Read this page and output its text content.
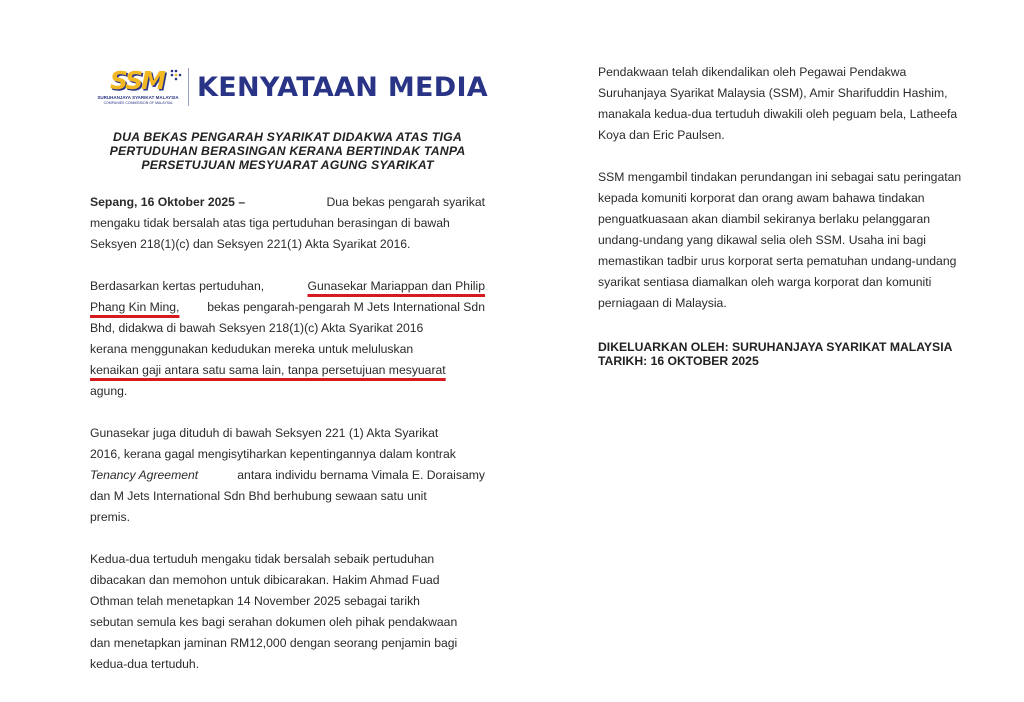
SSM
SURUHANJAYA SYARIKAT MALAYSIA
COMPANIES COMMISSION OF MALAYSIA
KENYATAAN MEDIA
DUA BEKAS PENGARAH SYARIKAT DIDAKWA ATAS TIGA
PERTUDUHAN BERASINGAN KERANA BERTINDAK TANPA
PERSETUJUAN MESYUARAT AGUNG SYARIKAT
Sepang, 16 Oktober 2025 –	Dua bekas pengarah syarikat
mengaku tidak bersalah atas tiga pertuduhan berasingan di bawah
Seksyen 218(1)(c) dan Seksyen 221(1) Akta Syarikat 2016.
Berdasarkan kertas pertuduhan,	Gunasekar Mariappan dan Philip
Phang Kin Ming, bekas pengarah-pengarah M Jets International Sdn
Bhd, didakwa di bawah Seksyen 218(1)(c) Akta Syarikat 2016
kerana menggunakan kedudukan mereka untuk meluluskan
kenaikan gaji antara satu sama lain, tanpa persetujuan mesyuarat
agung.
Gunasekar juga dituduh di bawah Seksyen 221 (1) Akta Syarikat
2016, kerana gagal mengisytiharkan kepentingannya dalam kontrak
Tenancy Agreement	antara individu bernama Vimala E. Doraisamy
dan M Jets International Sdn Bhd berhubung sewaan satu unit
premis.
Kedua-dua tertuduh mengaku tidak bersalah sebaik pertuduhan
dibacakan dan memohon untuk dibicarakan. Hakim Ahmad Fuad
Othman telah menetapkan 14 November 2025 sebagai tarikh
sebutan semula kes bagi serahan dokumen oleh pihak pendakwaan
dan menetapkan jaminan RM12,000 dengan seorang penjamin bagi
kedua-dua tertuduh.
Pendakwaan telah dikendalikan oleh Pegawai Pendakwa
Suruhanjaya Syarikat Malaysia (SSM), Amir Sharifuddin Hashim,
manakala kedua-dua tertuduh diwakili oleh peguam bela, Latheefa
Koya dan Eric Paulsen.
SSM mengambil tindakan perundangan ini sebagai satu peringatan
kepada komuniti korporat dan orang awam bahawa tindakan
penguatkuasaan akan diambil sekiranya berlaku pelanggaran
undang-undang yang dikawal selia oleh SSM. Usaha ini bagi
memastikan tadbir urus korporat serta pematuhan undang-undang
syarikat sentiasa diamalkan oleh warga korporat dan komuniti
perniagaan di Malaysia.
DIKELUARKAN OLEH: SURUHANJAYA SYARIKAT MALAYSIA
TARIKH: 16 OKTOBER 2025
